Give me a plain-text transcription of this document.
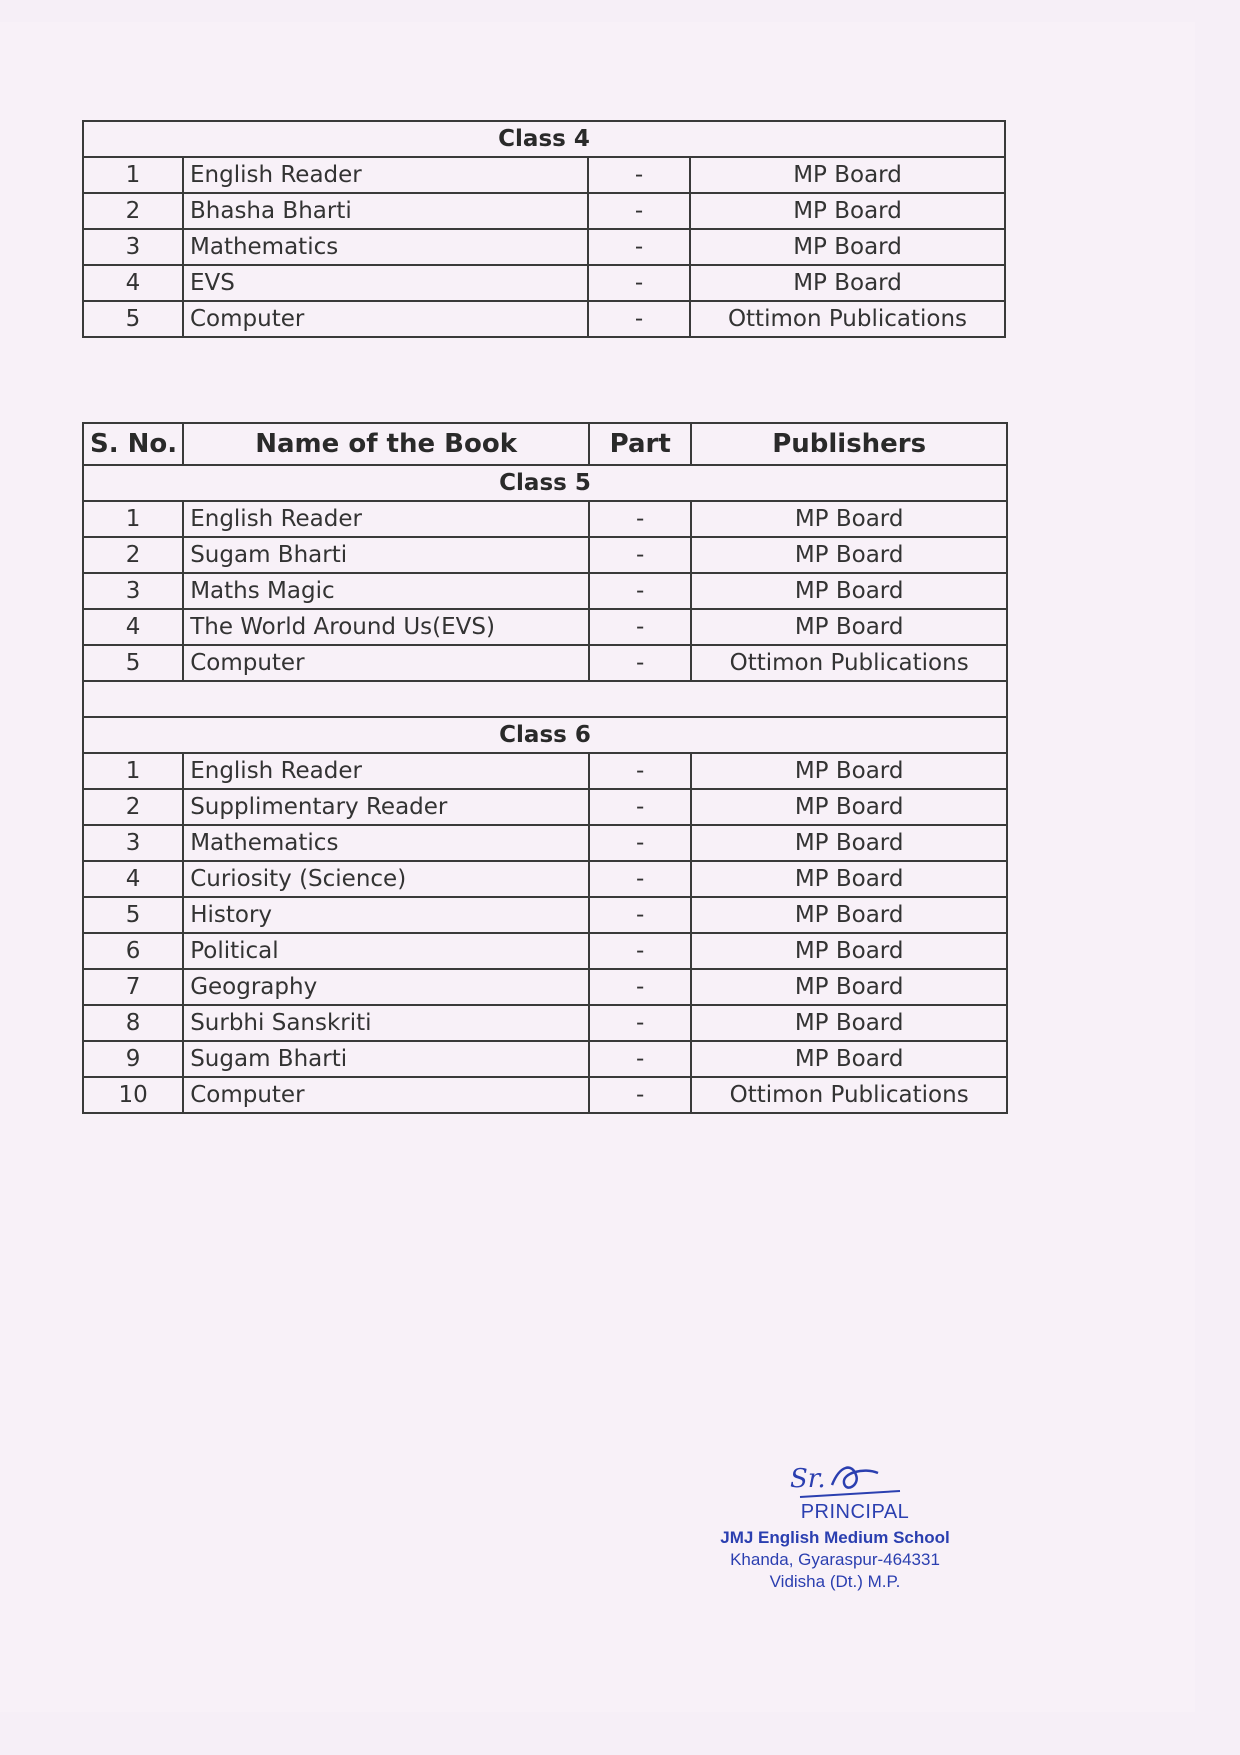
Class 4			
1	English Reader	-	MP Board
2	Bhasha Bharti	-	MP Board
3	Mathematics	-	MP Board
4	EVS	-	MP Board
5	Computer	-	Ottimon Publications
S. No.	Name of the Book	Part	Publishers
Class 5			
1	English Reader	-	MP Board
2	Sugam Bharti	-	MP Board
3	Maths Magic	-	MP Board
4	The World Around Us(EVS)	-	MP Board
5	Computer	-	Ottimon Publications

Class 6			
1	English Reader	-	MP Board
2	Supplimentary Reader	-	MP Board
3	Mathematics	-	MP Board
4	Curiosity (Science)	-	MP Board
5	History	-	MP Board
6	Political	-	MP Board
7	Geography	-	MP Board
8	Surbhi Sanskriti	-	MP Board
9	Sugam Bharti	-	MP Board
10	Computer	-	Ottimon Publications
Sr.
PRINCIPAL
JMJ English Medium School
Khanda, Gyaraspur-464331
Vidisha (Dt.) M.P.
